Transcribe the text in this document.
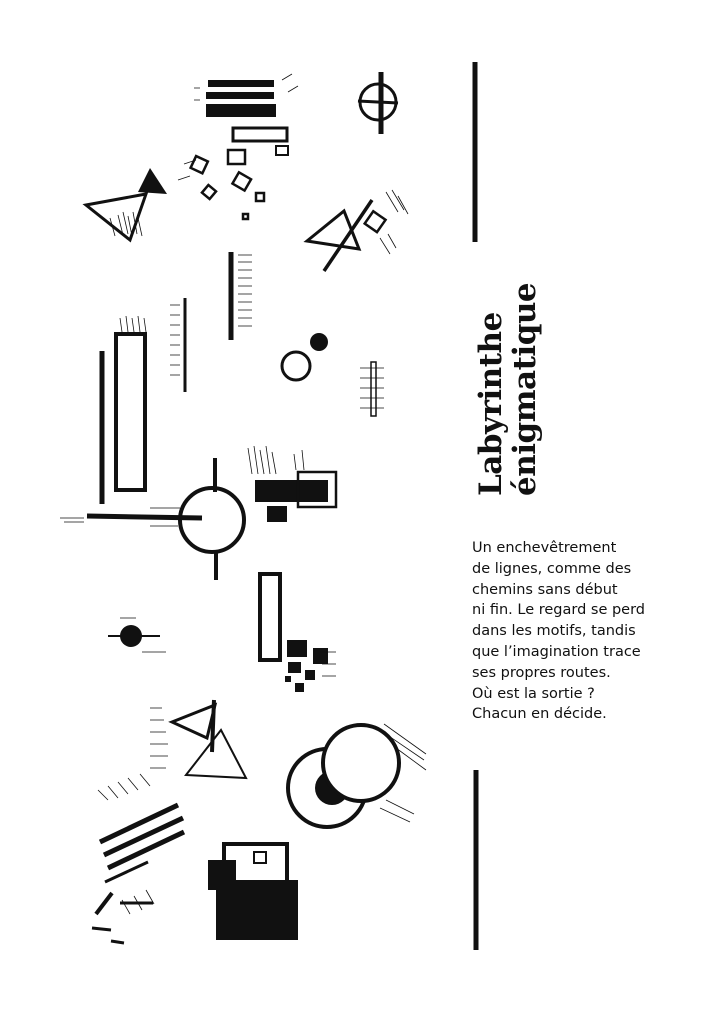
Labyrinthe
énigmatique

Un enchevêtrement
de lignes, comme des
chemins sans début
ni fin. Le regard se perd
dans les motifs, tandis
que l’imagination trace
ses propres routes.
Où est la sortie ?
Chacun en décide.
